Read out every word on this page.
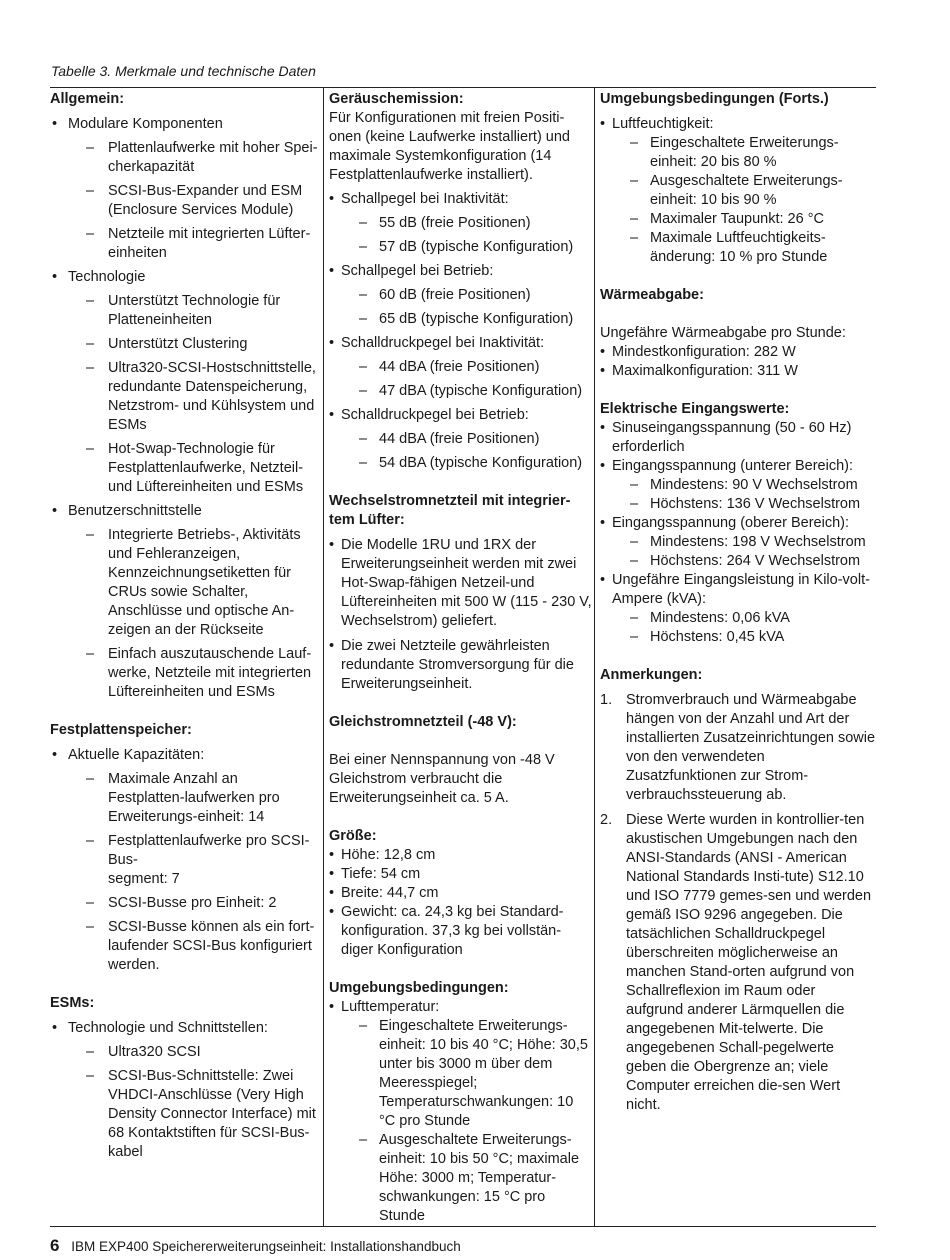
Tabelle 3. Merkmale und technische Daten

Allgemein:

• Modulare Komponenten
– Plattenlaufwerke mit hoher Spei-cherkapazität
– SCSI-Bus-Expander und ESM (Enclosure Services Module)
– Netzteile mit integrierten Lüfter-einheiten
• Technologie
– Unterstützt Technologie für Platteneinheiten
– Unterstützt Clustering
– Ultra320-SCSI-Hostschnittstelle, redundante Datenspeicherung, Netzstrom- und Kühlsystem und ESMs
– Hot-Swap-Technologie für Festplattenlaufwerke, Netzteil-und Lüftereinheiten und ESMs
• Benutzerschnittstelle
– Integrierte Betriebs-, Aktivitäts und Fehleranzeigen, Kennzeichnungsetiketten für CRUs sowie Schalter, Anschlüsse und optische An-zeigen an der Rückseite
– Einfach auszutauschende Lauf-werke, Netzteile mit integrierten Lüftereinheiten und ESMs

Festplattenspeicher:

• Aktuelle Kapazitäten:
– Maximale Anzahl an Festplatten-laufwerken pro Erweiterungs-einheit: 14
– Festplattenlaufwerke pro SCSI-
Bus-
segment: 7
– SCSI-Busse pro Einheit: 2
– SCSI-Busse können als ein fort-laufender SCSI-Bus konfiguriert werden.

ESMs:

• Technologie und Schnittstellen:
– Ultra320 SCSI
– SCSI-Bus-Schnittstelle: Zwei VHDCI-Anschlüsse (Very High Density Connector Interface) mit 68 Kontaktstiften für SCSI-Bus-kabel

Geräuschemission:

Für Konfigurationen mit freien Positi-onen (keine Laufwerke installiert) und maximale Systemkonfiguration (14 Festplattenlaufwerke installiert).
• Schallpegel bei Inaktivität:
– 55 dB (freie Positionen)
– 57 dB (typische Konfiguration)
• Schallpegel bei Betrieb:
– 60 dB (freie Positionen)
– 65 dB (typische Konfiguration)
• Schalldruckpegel bei Inaktivität:
– 44 dBA (freie Positionen)
– 47 dBA (typische Konfiguration)
• Schalldruckpegel bei Betrieb:
– 44 dBA (freie Positionen)
– 54 dBA (typische Konfiguration)

Wechselstromnetzteil mit integrier-tem Lüfter:

• Die Modelle 1RU und 1RX der Erweiterungseinheit werden mit zwei Hot-Swap-fähigen Netzeil-und Lüftereinheiten mit 500 W (115 - 230 V, Wechselstrom) geliefert.
• Die zwei Netzteile gewährleisten redundante Stromversorgung für die Erweiterungseinheit.

Gleichstromnetzteil (-48 V):

Bei einer Nennspannung von -48 V Gleichstrom verbraucht die Erweiterungseinheit ca. 5 A.

Größe:

• Höhe: 12,8 cm
• Tiefe: 54 cm
• Breite: 44,7 cm
• Gewicht: ca. 24,3 kg bei Standard-konfiguration. 37,3 kg bei vollstän-diger Konfiguration

Umgebungsbedingungen:

• Lufttemperatur:
– Eingeschaltete Erweiterungs-einheit: 10 bis 40 °C; Höhe: 30,5 unter bis 3000 m über dem Meeresspiegel; Temperaturschwankungen: 10 °C pro Stunde
– Ausgeschaltete Erweiterungs-einheit: 10 bis 50 °C; maximale Höhe: 3000 m; Temperatur-schwankungen: 15 °C pro Stunde

Umgebungsbedingungen (Forts.)

• Luftfeuchtigkeit:
– Eingeschaltete Erweiterungs-einheit: 20 bis 80 %
– Ausgeschaltete Erweiterungs-einheit: 10 bis 90 %
– Maximaler Taupunkt: 26 °C
– Maximale Luftfeuchtigkeits-änderung: 10 % pro Stunde

Wärmeabgabe:

Ungefähre Wärmeabgabe pro Stunde:
• Mindestkonfiguration: 282 W
• Maximalkonfiguration: 311 W

Elektrische Eingangswerte:

• Sinuseingangsspannung (50 - 60 Hz) erforderlich
• Eingangsspannung (unterer Bereich):
– Mindestens: 90 V Wechselstrom
– Höchstens: 136 V Wechselstrom
• Eingangsspannung (oberer Bereich):
– Mindestens: 198 V Wechselstrom
– Höchstens: 264 V Wechselstrom
• Ungefähre Eingangsleistung in Kilo-volt-Ampere (kVA):
– Mindestens: 0,06 kVA
– Höchstens: 0,45 kVA

Anmerkungen:

1. Stromverbrauch und Wärmeabgabe hängen von der Anzahl und Art der installierten Zusatzeinrichtungen sowie von den verwendeten Zusatzfunktionen zur Strom-verbrauchssteuerung ab.
2. Diese Werte wurden in kontrollier-ten akustischen Umgebungen nach den ANSI-Standards (ANSI - American National Standards Insti-tute) S12.10 und ISO 7779 gemes-sen und werden gemäß ISO 9296 angegeben. Die tatsächlichen Schalldruckpegel überschreiten möglicherweise an manchen Stand-orten aufgrund von Schallreflexion im Raum oder aufgrund anderer Lärmquellen die angegebenen Mit-telwerte. Die angegebenen Schall-pegelwerte geben die Obergrenze an; viele Computer erreichen die-sen Wert nicht.
6 IBM EXP400 Speichererweiterungseinheit: Installationshandbuch
